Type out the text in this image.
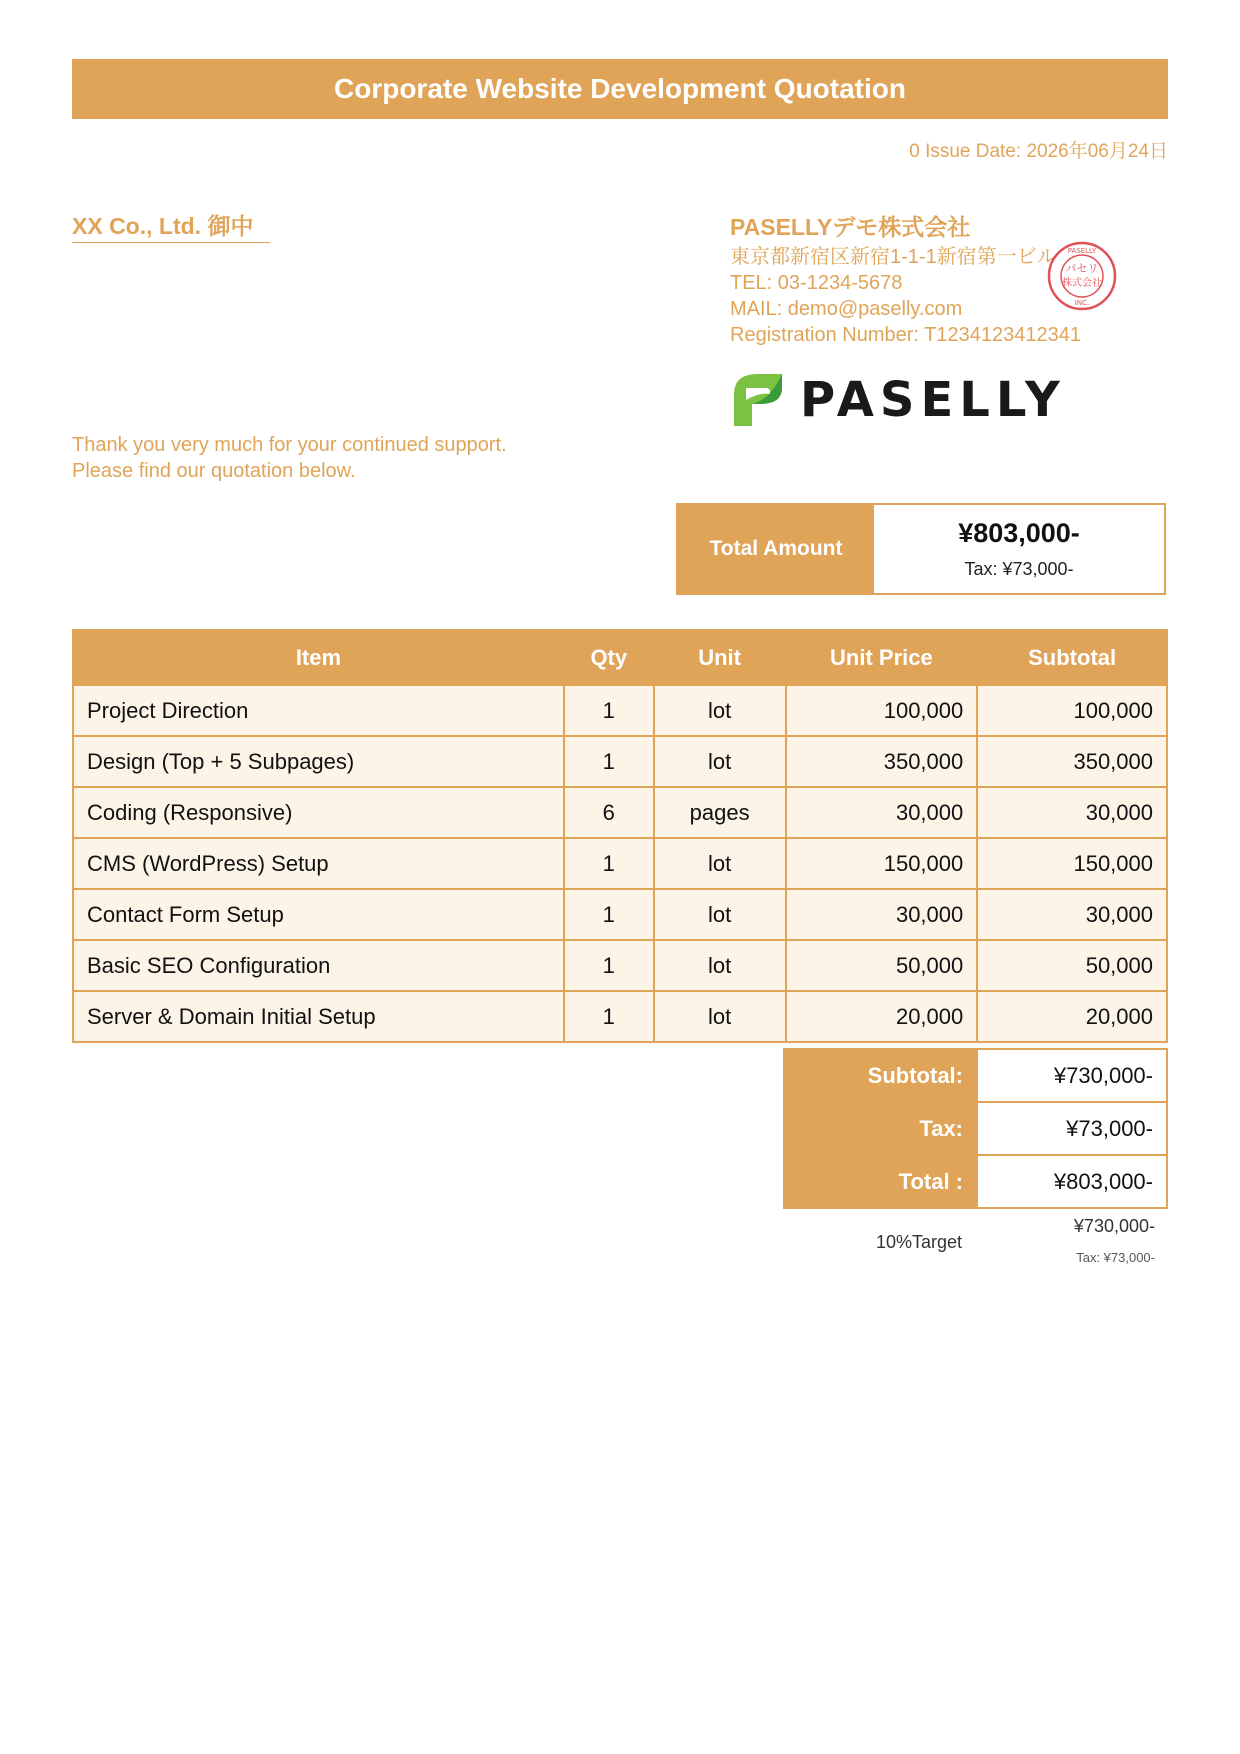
Corporate Website Development Quotation
0 Issue Date: 2026年06月24日
XX Co., Ltd. 御中	PASELLYデモ株式会社
東京都新宿区新宿1-1-1新宿第一ビル
TEL: 03-1234-5678
MAIL: demo@paselly.com
Registration Number: T1234123412341
パセリ
株式会社
PASELLY
INC.
PASELLY
Thank you very much for your continued support.
Please find our quotation below.
Total Amount
¥803,000-
Tax: ¥73,000-
Item	Qty	Unit	Unit Price	Subtotal
Project Direction	1	lot	100,000	100,000
Design (Top + 5 Subpages)	1	lot	350,000	350,000
Coding (Responsive)	6	pages	30,000	30,000
CMS (WordPress) Setup	1	lot	150,000	150,000
Contact Form Setup	1	lot	30,000	30,000
Basic SEO Configuration	1	lot	50,000	50,000
Server & Domain Initial Setup	1	lot	20,000	20,000
Subtotal:	¥730,000-
Tax:	¥73,000-
Total :	¥803,000-
10%Target
¥730,000-
Tax: ¥73,000-
